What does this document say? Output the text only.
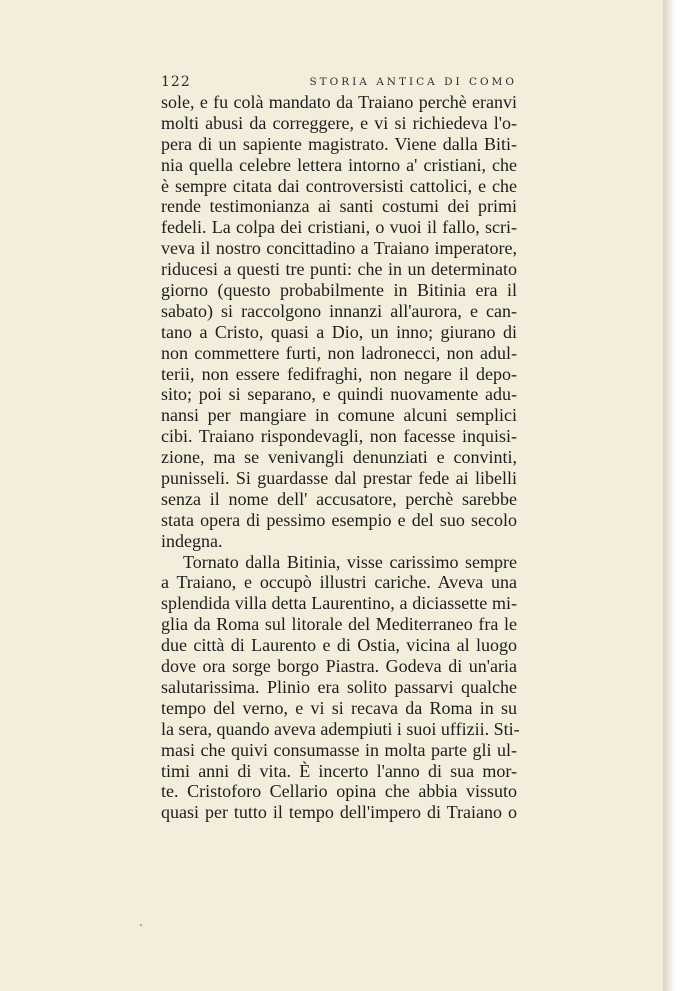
122	STORIA ANTICA DI COMO
sole, e fu colà mandato da Traiano perchè eranvi
molti abusi da correggere, e vi si richiedeva l'o-
pera di un sapiente magistrato. Viene dalla Biti-
nia quella celebre lettera intorno a' cristiani, che
è sempre citata dai controversisti cattolici, e che
rende testimonianza ai santi costumi dei primi
fedeli. La colpa dei cristiani, o vuoi il fallo, scri-
veva il nostro concittadino a Traiano imperatore,
riducesi a questi tre punti: che in un determinato
giorno (questo probabilmente in Bitinia era il
sabato) si raccolgono innanzi all'aurora, e can-
tano a Cristo, quasi a Dio, un inno; giurano di
non commettere furti, non ladronecci, non adul-
terii, non essere fedifraghi, non negare il depo-
sito; poi si separano, e quindi nuovamente adu-
nansi per mangiare in comune alcuni semplici
cibi. Traiano rispondevagli, non facesse inquisi-
zione, ma se venivangli denunziati e convinti,
punisseli. Si guardasse dal prestar fede ai libelli
senza il nome dell' accusatore, perchè sarebbe
stata opera di pessimo esempio e del suo secolo
indegna.
Tornato dalla Bitinia, visse carissimo sempre
a Traiano, e occupò illustri cariche. Aveva una
splendida villa detta Laurentino, a diciassette mi-
glia da Roma sul litorale del Mediterraneo fra le
due città di Laurento e di Ostia, vicina al luogo
dove ora sorge borgo Piastra. Godeva di un'aria
salutarissima. Plinio era solito passarvi qualche
tempo del verno, e vi si recava da Roma in su
la sera, quando aveva adempiuti i suoi uffizii. Sti-
masi che quivi consumasse in molta parte gli ul-
timi anni di vita. È incerto l'anno di sua mor-
te. Cristoforo Cellario opina che abbia vissuto
quasi per tutto il tempo dell'impero di Traiano o
